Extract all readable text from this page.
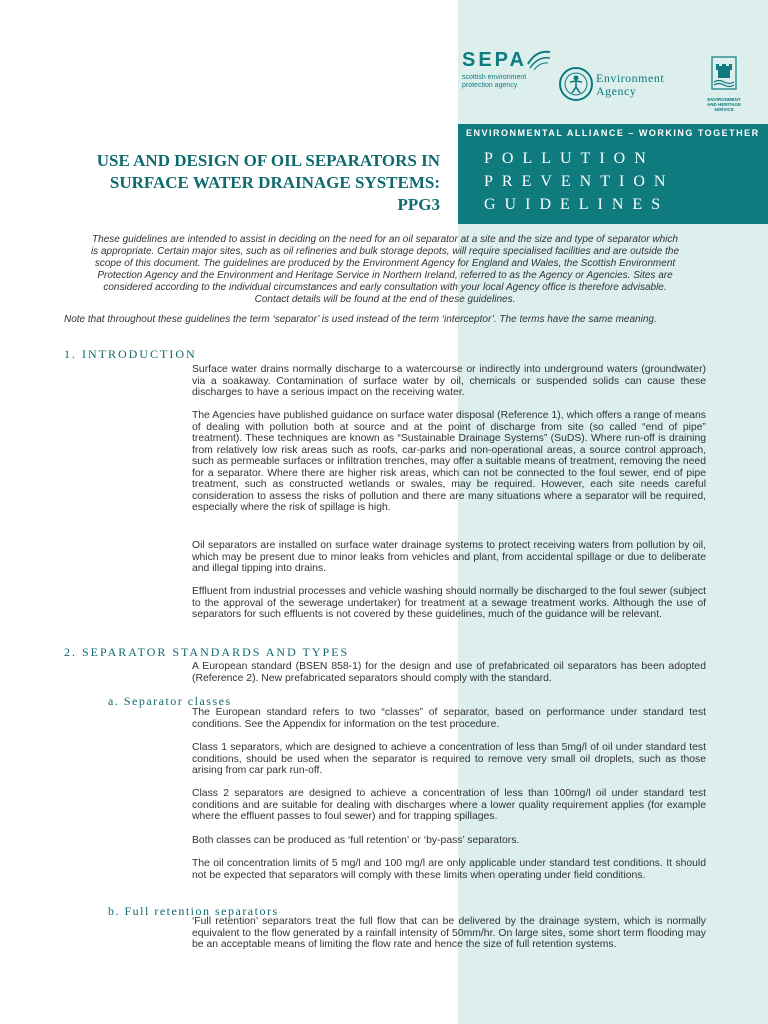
SEPA
scottish environment
protection agency
Environment
Agency
ENVIRONMENT
AND HERITAGE
SERVICE
ENVIRONMENTAL ALLIANCE – WORKING TOGETHER
POLLUTION
PREVENTION
GUIDELINES
USE AND DESIGN OF OIL SEPARATORS IN
SURFACE WATER DRAINAGE SYSTEMS:
PPG3
These guidelines are intended to assist in deciding on the need for an oil separator at a site and the size and type of separator which
is appropriate. Certain major sites, such as oil refineries and bulk storage depots, will require specialised facilities and are outside the
scope of this document. The guidelines are produced by the Environment Agency for England and Wales, the Scottish Environment
Protection Agency and the Environment and Heritage Service in Northern Ireland, referred to as the Agency or Agencies. Sites are
considered according to the individual circumstances and early consultation with your local Agency office is therefore advisable.
Contact details will be found at the end of these guidelines.
Note that throughout these guidelines the term ‘separator’ is used instead of the term ‘interceptor’. The terms have the same meaning.
1. INTRODUCTION

Surface water drains normally discharge to a watercourse or indirectly into underground waters (groundwater) via a soakaway. Contamination of surface water by oil, chemicals or suspended solids can cause these discharges to have a serious impact on the receiving water.

The Agencies have published guidance on surface water disposal (Reference 1), which offers a range of means of dealing with pollution both at source and at the point of discharge from site (so called “end of pipe” treatment). These techniques are known as “Sustainable Drainage Systems” (SuDS). Where run-off is draining from relatively low risk areas such as roofs, car-parks and non-operational areas, a source control approach, such as permeable surfaces or infiltration trenches, may offer a suitable means of treatment, removing the need for a separator. Where there are higher risk areas, which can not be connected to the foul sewer, end of pipe treatment, such as constructed wetlands or swales, may be required. However, each site needs careful consideration to assess the risks of pollution and there are many situations where a separator will be required, especially where the risk of spillage is high.

Oil separators are installed on surface water drainage systems to protect receiving waters from pollution by oil, which may be present due to minor leaks from vehicles and plant, from accidental spillage or due to deliberate and illegal tipping into drains.

Effluent from industrial processes and vehicle washing should normally be discharged to the foul sewer (subject to the approval of the sewerage undertaker) for treatment at a sewage treatment works. Although the use of separators for such effluents is not covered by these guidelines, much of the guidance will be relevant.

2. SEPARATOR STANDARDS AND TYPES

A European standard (BSEN 858-1) for the design and use of prefabricated oil separators has been adopted (Reference 2). New prefabricated separators should comply with the standard.

a. Separator classes

The European standard refers to two “classes” of separator, based on performance under standard test conditions. See the Appendix for information on the test procedure.

Class 1 separators, which are designed to achieve a concentration of less than 5mg/l of oil under standard test conditions, should be used when the separator is required to remove very small oil droplets, such as those arising from car park run-off.

Class 2 separators are designed to achieve a concentration of less than 100mg/l oil under standard test conditions and are suitable for dealing with discharges where a lower quality requirement applies (for example where the effluent passes to foul sewer) and for trapping spillages.

Both classes can be produced as ‘full retention’ or ‘by-pass’ separators.

The oil concentration limits of 5 mg/l and 100 mg/l are only applicable under standard test conditions. It should not be expected that separators will comply with these limits when operating under field conditions.

b. Full retention separators

‘Full retention’ separators treat the full flow that can be delivered by the drainage system, which is normally equivalent to the flow generated by a rainfall intensity of 50mm/hr. On large sites, some short term flooding may be an acceptable means of limiting the flow rate and hence the size of full retention systems.
